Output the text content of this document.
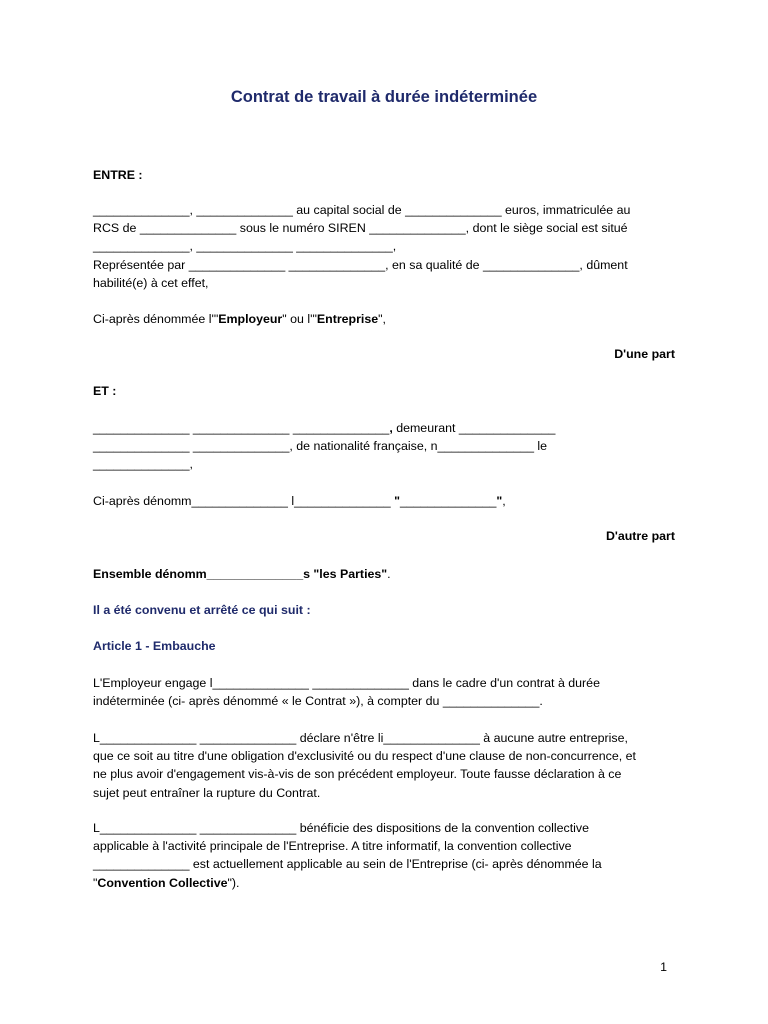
Contrat de travail à durée indéterminée
ENTRE :
______________, ______________ au capital social de ______________ euros, immatriculée au
RCS de ______________ sous le numéro SIREN ______________, dont le siège social est situé
______________, ______________ ______________,
Représentée par ______________ ______________, en sa qualité de ______________, dûment
habilité(e) à cet effet,
Ci-après dénommée l'"Employeur" ou l'"Entreprise",
D'une part
ET :
______________ ______________ ______________, demeurant ______________
______________ ______________, de nationalité française, n______________ le
______________,
Ci-après dénomm______________ l______________ "______________",
D'autre part
Ensemble dénomm______________s "les Parties".
Il a été convenu et arrêté ce qui suit :
Article 1 - Embauche
L'Employeur engage l______________ ______________ dans le cadre d'un contrat à durée
indéterminée (ci- après dénommé « le Contrat »), à compter du ______________.
L______________ ______________ déclare n'être li______________ à aucune autre entreprise,
que ce soit au titre d'une obligation d'exclusivité ou du respect d'une clause de non-concurrence, et
ne plus avoir d'engagement vis-à-vis de son précédent employeur. Toute fausse déclaration à ce
sujet peut entraîner la rupture du Contrat.
L______________ ______________ bénéficie des dispositions de la convention collective
applicable à l'activité principale de l'Entreprise. A titre informatif, la convention collective
______________ est actuellement applicable au sein de l'Entreprise (ci- après dénommée la
"Convention Collective").
1
